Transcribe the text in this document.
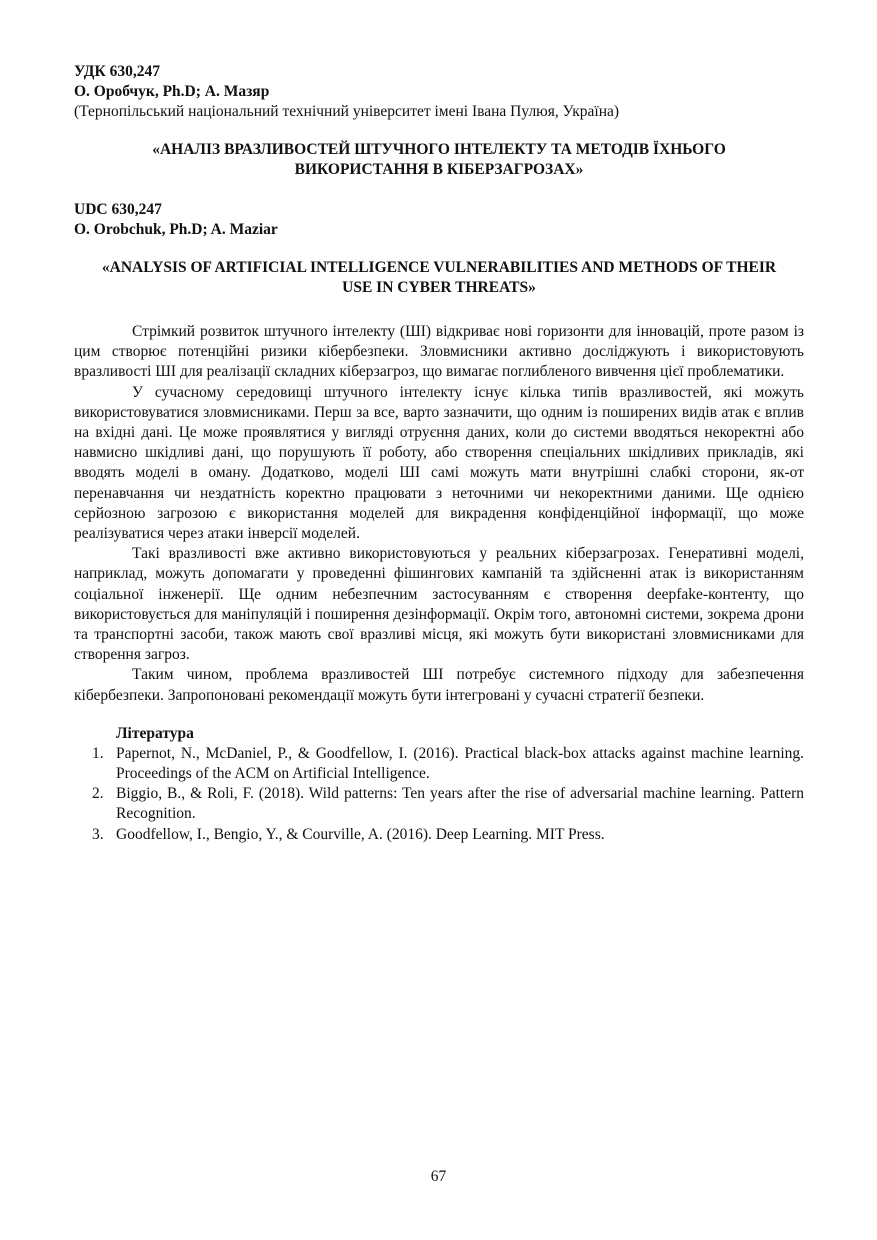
УДК 630,247
О. Оробчук, Ph.D; А. Мазяр
(Тернопільський національний технічний університет імені Івана Пулюя, Україна)
«АНАЛІЗ ВРАЗЛИВОСТЕЙ ШТУЧНОГО ІНТЕЛЕКТУ ТА МЕТОДІВ ЇХНЬОГО ВИКОРИСТАННЯ В КІБЕРЗАГРОЗАХ»
UDC 630,247
O. Orobchuk, Ph.D; A. Maziar
«ANALYSIS OF ARTIFICIAL INTELLIGENCE VULNERABILITIES AND METHODS OF THEIR USE IN CYBER THREATS»

Стрімкий розвиток штучного інтелекту (ШІ) відкриває нові горизонти для інновацій, проте разом із цим створює потенційні ризики кібербезпеки. Зловмисники активно досліджують і використовують вразливості ШІ для реалізації складних кіберзагроз, що вимагає поглибленого вивчення цієї проблематики.

У сучасному середовищі штучного інтелекту існує кілька типів вразливостей, які можуть використовуватися зловмисниками. Перш за все, варто зазначити, що одним із поширених видів атак є вплив на вхідні дані. Це може проявлятися у вигляді отруєння даних, коли до системи вводяться некоректні або навмисно шкідливі дані, що порушують її роботу, або створення спеціальних шкідливих прикладів, які вводять моделі в оману. Додатково, моделі ШІ самі можуть мати внутрішні слабкі сторони, як-от перенавчання чи нездатність коректно працювати з неточними чи некоректними даними. Ще однією серйозною загрозою є використання моделей для викрадення конфіденційної інформації, що може реалізуватися через атаки інверсії моделей.

Такі вразливості вже активно використовуються у реальних кіберзагрозах. Генеративні моделі, наприклад, можуть допомагати у проведенні фішингових кампаній та здійсненні атак із використанням соціальної інженерії. Ще одним небезпечним застосуванням є створення deepfake-контенту, що використовується для маніпуляцій і поширення дезінформації. Окрім того, автономні системи, зокрема дрони та транспортні засоби, також мають свої вразливі місця, які можуть бути використані зловмисниками для створення загроз.

Таким чином, проблема вразливостей ШІ потребує системного підходу для забезпечення кібербезпеки. Запропоновані рекомендації можуть бути інтегровані у сучасні стратегії безпеки.

Література
1. Papernot, N., McDaniel, P., & Goodfellow, I. (2016). Practical black-box attacks against machine learning. Proceedings of the ACM on Artificial Intelligence.
2. Biggio, B., & Roli, F. (2018). Wild patterns: Ten years after the rise of adversarial machine learning. Pattern Recognition.
3. Goodfellow, I., Bengio, Y., & Courville, A. (2016). Deep Learning. MIT Press.
67
